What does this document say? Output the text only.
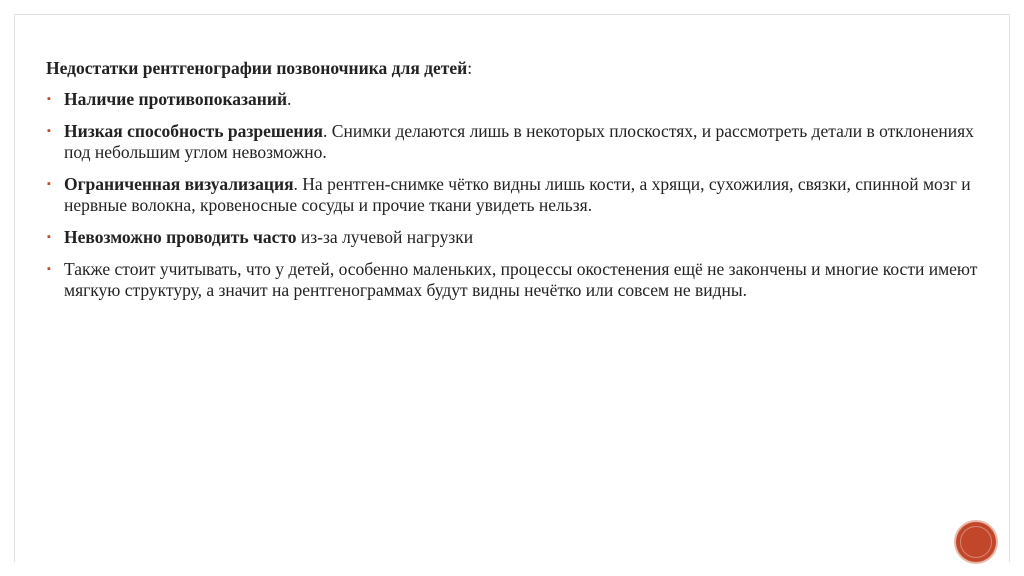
Недостатки рентгенографии позвоночника для детей:

▪ Наличие противопоказаний.
▪ Низкая способность разрешения. Снимки делаются лишь в некоторых плоскостях, и рассмотреть детали в отклонениях под небольшим углом невозможно.
▪ Ограниченная визуализация. На рентген-снимке чётко видны лишь кости, а хрящи, сухожилия, связки, спинной мозг и нервные волокна, кровеносные сосуды и прочие ткани увидеть нельзя.
▪ Невозможно проводить часто из-за лучевой нагрузки
▪ Также стоит учитывать, что у детей, особенно маленьких, процессы окостенения ещё не закончены и многие кости имеют мягкую структуру, а значит на рентгенограммах будут видны нечётко или совсем не видны.
